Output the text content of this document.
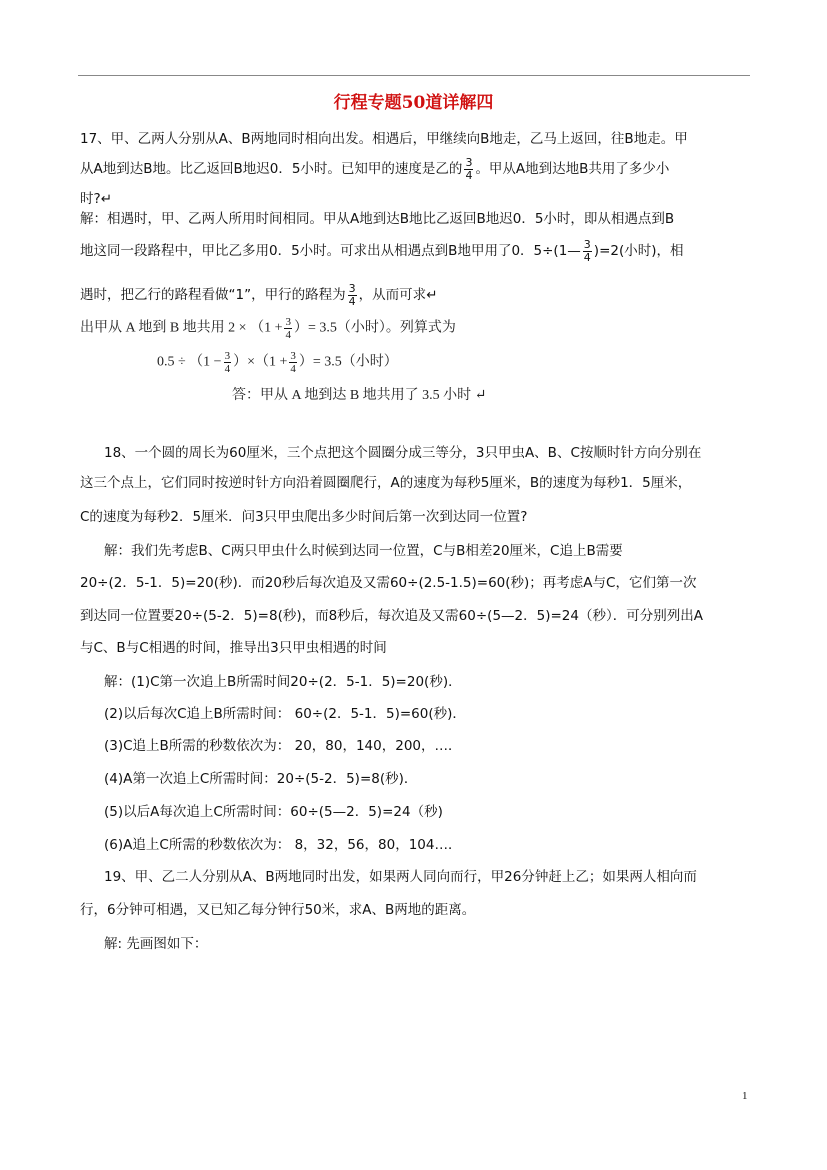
行程专题50道详解四
17、甲、乙两人分别从A、B两地同时相向出发。相遇后，甲继续向B地走，乙马上返回，往B地走。甲
从A地到达B地。比乙返回B地迟0．5小时。已知甲的速度是乙的 $\frac{3}{4}$ 。甲从A地到达地B共用了多少小
时?↵
解：相遇时，甲、乙两人所用时间相同。甲从A地到达B地比乙返回B地迟0．5小时，即从相遇点到B
地这同一段路程中，甲比乙多用0．5小时。可求出从相遇点到B地甲用了0．5÷(1— $\frac{3}{4} )=2$(小时)，相
遇时，把乙行的路程看做“1”，甲行的路程为 $\frac{3}{4}$ ，从而可求↵
出甲从 A 地到 B 地共用 $2 \times (1 + \frac{3}{4}$ ）= 3.5（小时）。列算式为
$0.5 \div (1 - \frac{3}{4} )\times(1 + \frac{3}{4}$ ）= 3.5（小时）
答：甲从 A 地到达 B 地共用了 3.5 小时 ↵
18、一个圆的周长为60厘米，三个点把这个圆圈分成三等分，3只甲虫A、B、C按顺时针方向分别在
这三个点上，它们同时按逆时针方向沿着圆圈爬行，A的速度为每秒5厘米，B的速度为每秒1．5厘米，
C的速度为每秒2．5厘米．问3只甲虫爬出多少时间后第一次到达同一位置?
解：我们先考虑B、C两只甲虫什么时候到达同一位置，C与B相差20厘米，C追上B需要
20÷(2．5-1．5)=20(秒)．而20秒后每次追及又需60÷(2.5-1.5)=60(秒)；再考虑A与C，它们第一次
到达同一位置要20÷(5-2．5)=8(秒)，而8秒后，每次追及又需60÷(5—2．5)=24（秒）．可分别列出A
与C、B与C相遇的时间，推导出3只甲虫相遇的时间
解：(1)C第一次追上B所需时间20÷(2．5-1．5)=20(秒)．
(2)以后每次C追上B所需时间： 60÷(2．5-1．5)=60(秒)．
(3)C追上B所需的秒数依次为： 20，80，140，200，…．
(4)A第一次追上C所需时间：20÷(5-2．5)=8(秒)．
(5)以后A每次追上C所需时间：60÷(5—2．5)=24（秒)
(6)A追上C所需的秒数依次为： 8，32，56，80，104…．
19、甲、乙二人分别从A、B两地同时出发，如果两人同向而行，甲26分钟赶上乙；如果两人相向而
行，6分钟可相遇，又已知乙每分钟行50米，求A、B两地的距离。
解: 先画图如下：
1
